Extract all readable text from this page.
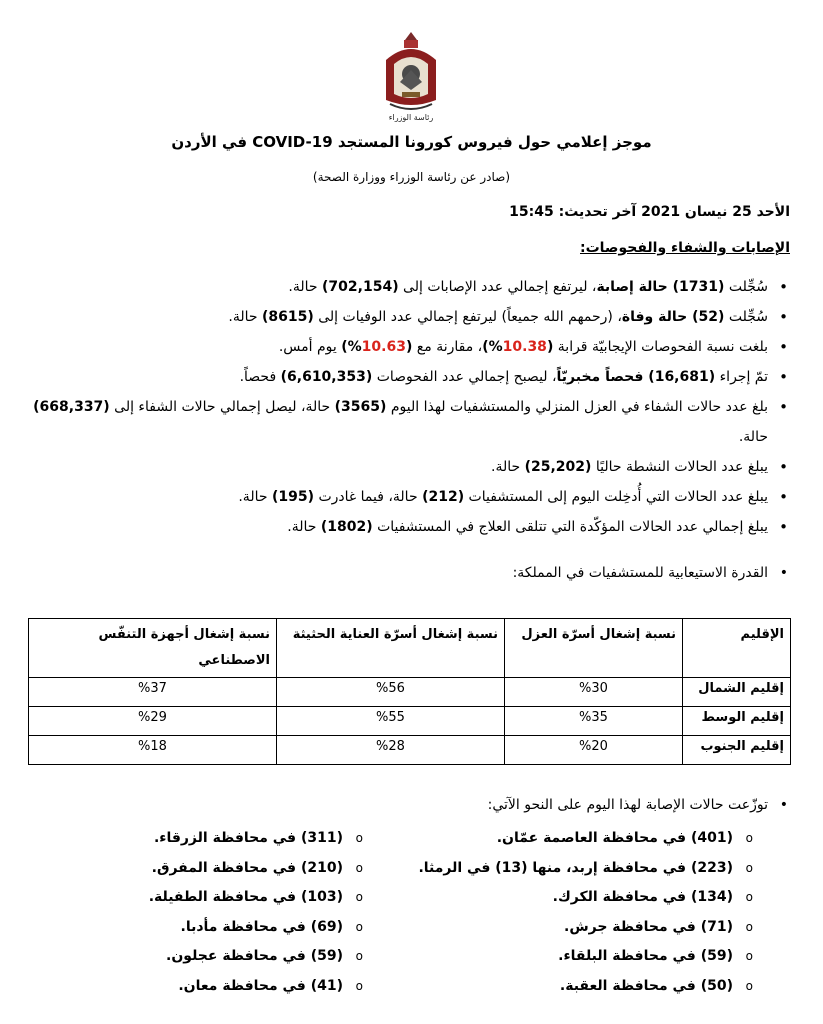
رئاسة الوزراء
موجز إعلامي حول فيروس كورونا المستجد COVID-19 في الأردن
(صادر عن رئاسة الوزراء ووزارة الصحة)
الأحد 25 نيسان 2021 آخر تحديث: 15:45
الإصابات والشفاء والفحوصات:
• سُجِّلت (1731) حالة إصابة، ليرتفع إجمالي عدد الإصابات إلى (702,154) حالة.
• سُجِّلت (52) حالة وفاة، (رحمهم الله جميعاً) ليرتفع إجمالي عدد الوفيات إلى (8615) حالة.
• بلغت نسبة الفحوصات الإيجابيّة قرابة (10.38%)، مقارنة مع (10.63%) يوم أمس.
• تمّ إجراء (16,681) فحصاً مخبريّاً، ليصبح إجمالي عدد الفحوصات (6,610,353) فحصاً.
• بلغ عدد حالات الشفاء في العزل المنزلي والمستشفيات لهذا اليوم (3565) حالة، ليصل إجمالي حالات الشفاء إلى (668,337) حالة.
• يبلغ عدد الحالات النشطة حاليًا (25,202) حالة.
• يبلغ عدد الحالات التي أُدخِلت اليوم إلى المستشفيات (212) حالة، فيما غادرت (195) حالة.
• يبلغ إجمالي عدد الحالات المؤكّدة التي تتلقى العلاج في المستشفيات (1802) حالة.
• القدرة الاستيعابية للمستشفيات في المملكة:
الإقليم	نسبة إشغال أسرّة العزل	نسبة إشغال أسرّة العناية الحثيثة	نسبة إشغال أجهزة التنفّس الاصطناعي
إقليم الشمال	%30	%56	%37
إقليم الوسط	%35	%55	%29
إقليم الجنوب	%20	%28	%18
• توزّعت حالات الإصابة لهذا اليوم على النحو الآتي:
o (401) في محافظة العاصمة عمّان.
o (223) في محافظة إربد، منها (13) في الرمثا.
o (134) في محافظة الكرك.
o (71) في محافظة جرش.
o (59) في محافظة البلقاء.
o (50) في محافظة العقبة.
o (311) في محافظة الزرقاء.
o (210) في محافظة المفرق.
o (103) في محافظة الطفيلة.
o (69) في محافظة مأدبا.
o (59) في محافظة عجلون.
o (41) في محافظة معان.
